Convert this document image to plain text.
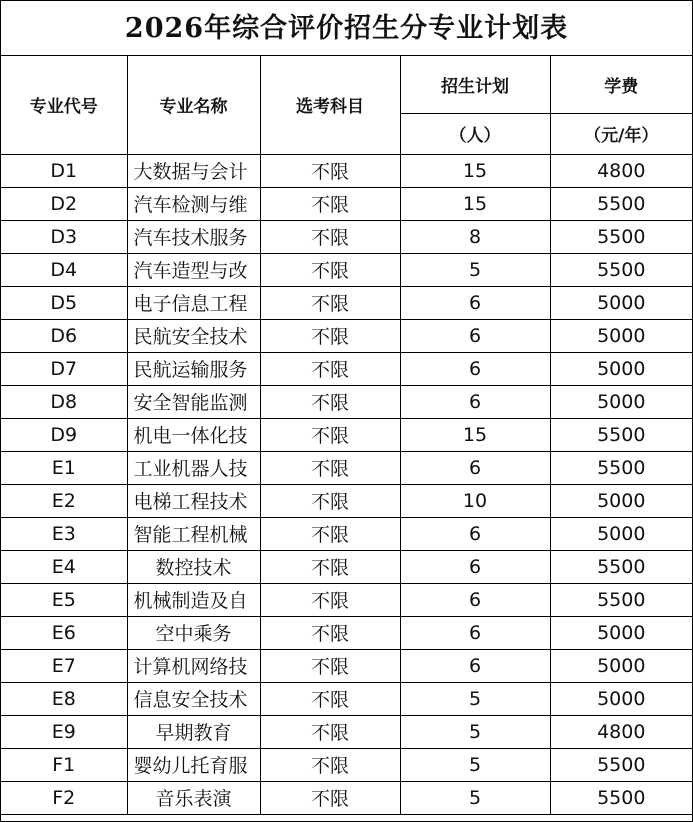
2026年综合评价招生分专业计划表
专业代号	专业名称	选考科目	招生计划	学费
			（人）	（元/年）
D1	大数据与会计	不限	15	4800
D2	汽车检测与维	不限	15	5500
D3	汽车技术服务	不限	8	5500
D4	汽车造型与改	不限	5	5500
D5	电子信息工程	不限	6	5000
D6	民航安全技术	不限	6	5000
D7	民航运输服务	不限	6	5000
D8	安全智能监测	不限	6	5000
D9	机电一体化技	不限	15	5500
E1	工业机器人技	不限	6	5500
E2	电梯工程技术	不限	10	5000
E3	智能工程机械	不限	6	5000
E4	数控技术	不限	6	5500
E5	机械制造及自	不限	6	5500
E6	空中乘务	不限	6	5000
E7	计算机网络技	不限	6	5000
E8	信息安全技术	不限	5	5000
E9	早期教育	不限	5	4800
F1	婴幼儿托育服	不限	5	5500
F2	音乐表演	不限	5	5500
